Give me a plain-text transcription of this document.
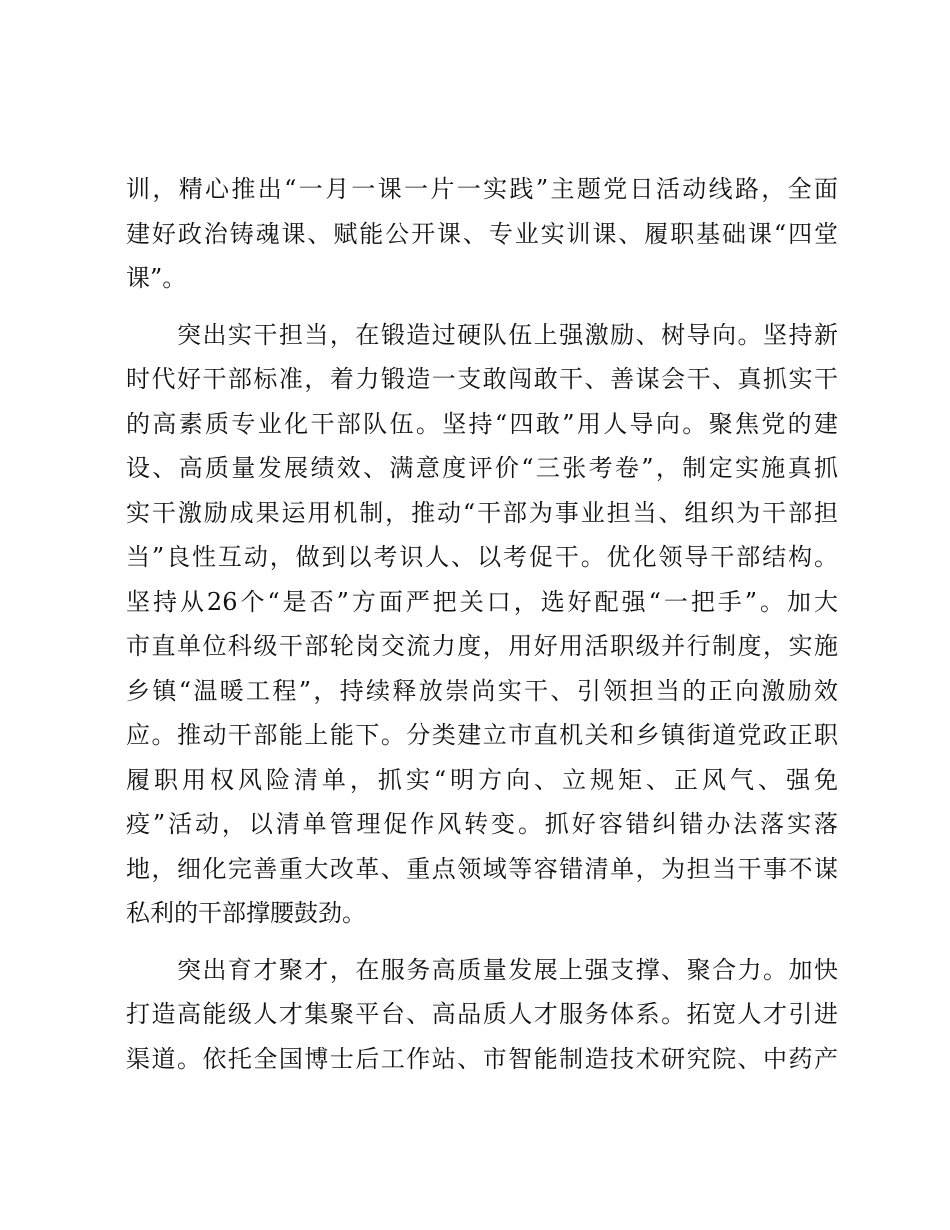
训，精心推出“一月一课一片一实践”主题党日活动线路，全面
建好政治铸魂课、赋能公开课、专业实训课、履职基础课“四堂
课”。
　　突出实干担当，在锻造过硬队伍上强激励、树导向。坚持新
时代好干部标准，着力锻造一支敢闯敢干、善谋会干、真抓实干
的高素质专业化干部队伍。坚持“四敢”用人导向。聚焦党的建
设、高质量发展绩效、满意度评价“三张考卷”，制定实施真抓
实干激励成果运用机制，推动“干部为事业担当、组织为干部担
当”良性互动，做到以考识人、以考促干。优化领导干部结构。
坚持从26个“是否”方面严把关口，选好配强“一把手”。加大
市直单位科级干部轮岗交流力度，用好用活职级并行制度，实施
乡镇“温暖工程”，持续释放崇尚实干、引领担当的正向激励效
应。推动干部能上能下。分类建立市直机关和乡镇街道党政正职
履职用权风险清单，抓实“明方向、立规矩、正风气、强免
疫”活动，以清单管理促作风转变。抓好容错纠错办法落实落
地，细化完善重大改革、重点领域等容错清单，为担当干事不谋
私利的干部撑腰鼓劲。
　　突出育才聚才，在服务高质量发展上强支撑、聚合力。加快
打造高能级人才集聚平台、高品质人才服务体系。拓宽人才引进
渠道。依托全国博士后工作站、市智能制造技术研究院、中药产
